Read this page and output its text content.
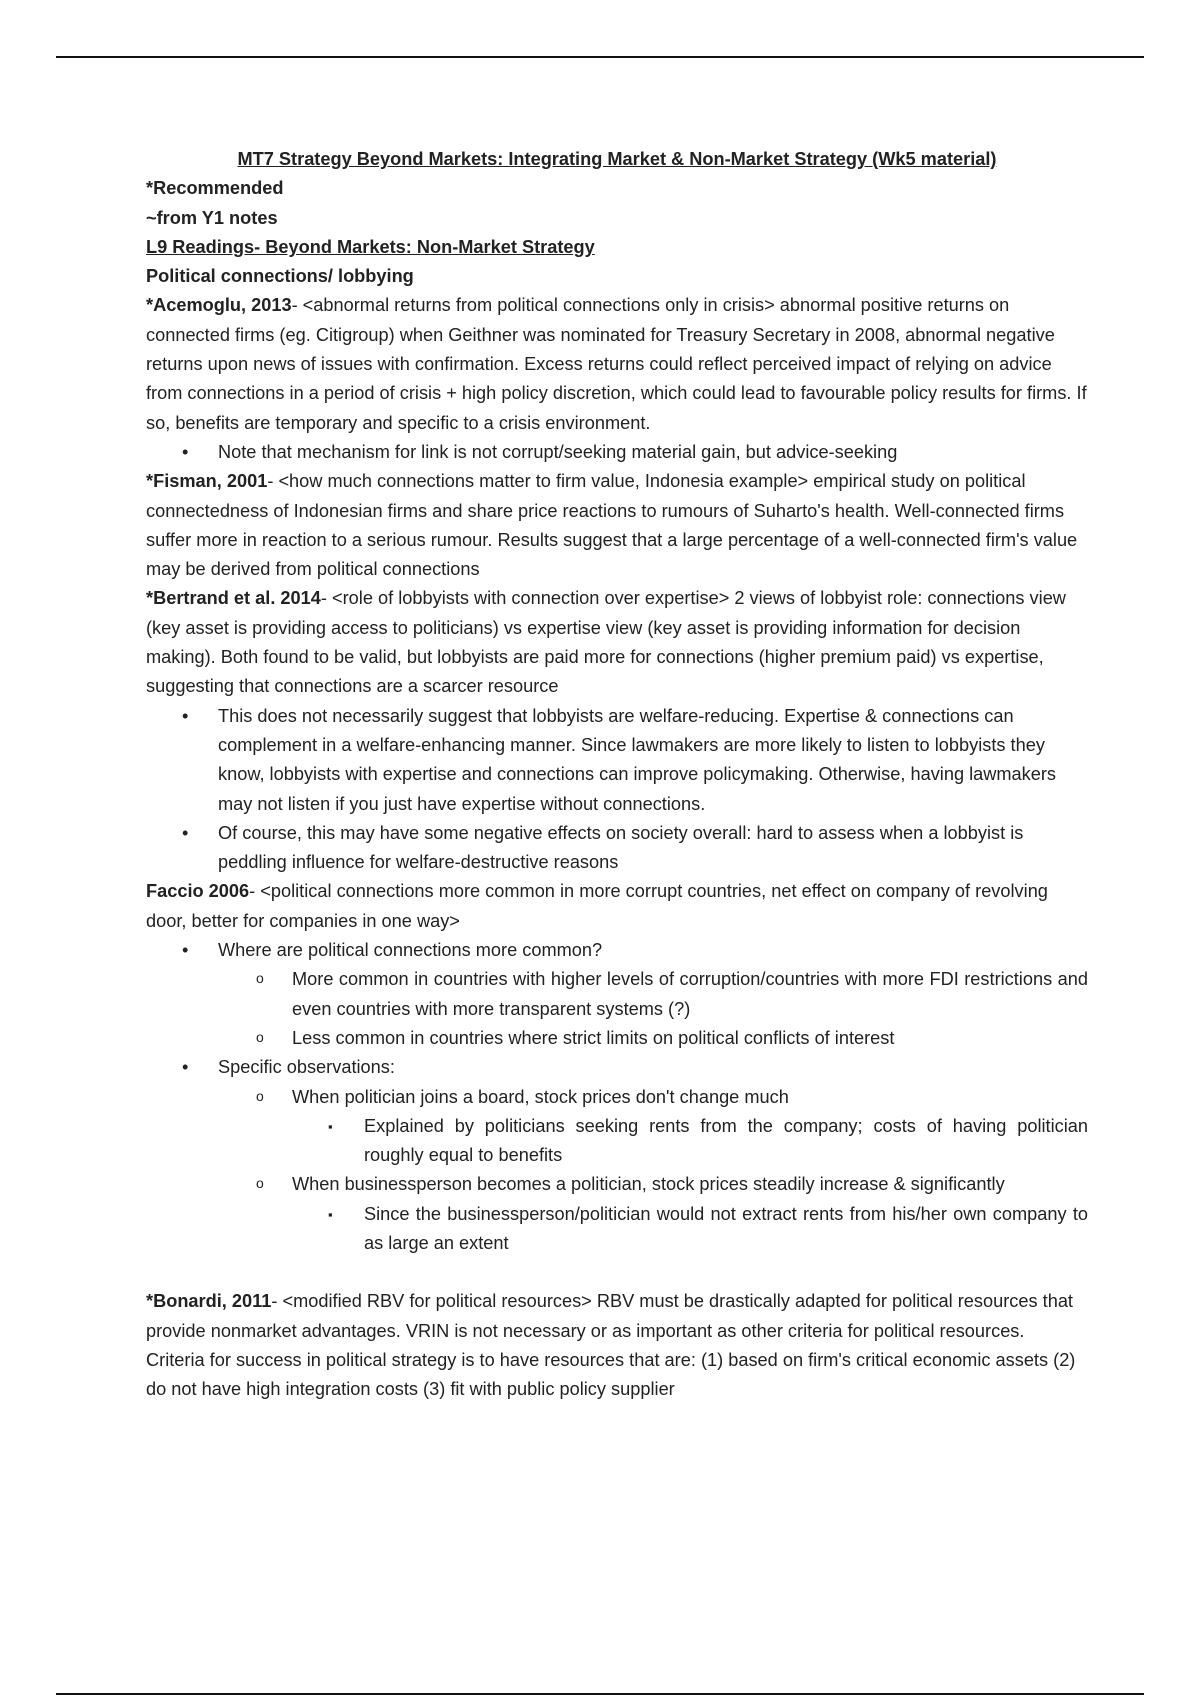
MT7 Strategy Beyond Markets: Integrating Market & Non-Market Strategy (Wk5 material)

*Recommended

~from Y1 notes

L9 Readings- Beyond Markets: Non-Market Strategy

Political connections/ lobbying

*Acemoglu, 2013- <abnormal returns from political connections only in crisis> abnormal positive returns on connected firms (eg. Citigroup) when Geithner was nominated for Treasury Secretary in 2008, abnormal negative returns upon news of issues with confirmation. Excess returns could reflect perceived impact of relying on advice from connections in a period of crisis + high policy discretion, which could lead to favourable policy results for firms. If so, benefits are temporary and specific to a crisis environment.

• Note that mechanism for link is not corrupt/seeking material gain, but advice-seeking

*Fisman, 2001- <how much connections matter to firm value, Indonesia example> empirical study on political connectedness of Indonesian firms and share price reactions to rumours of Suharto's health. Well-connected firms suffer more in reaction to a serious rumour. Results suggest that a large percentage of a well-connected firm's value may be derived from political connections

*Bertrand et al. 2014- <role of lobbyists with connection over expertise> 2 views of lobbyist role: connections view (key asset is providing access to politicians) vs expertise view (key asset is providing information for decision making). Both found to be valid, but lobbyists are paid more for connections (higher premium paid) vs expertise, suggesting that connections are a scarcer resource

• This does not necessarily suggest that lobbyists are welfare-reducing. Expertise & connections can complement in a welfare-enhancing manner. Since lawmakers are more likely to listen to lobbyists they know, lobbyists with expertise and connections can improve policymaking. Otherwise, having lawmakers may not listen if you just have expertise without connections.

• Of course, this may have some negative effects on society overall: hard to assess when a lobbyist is peddling influence for welfare-destructive reasons

Faccio 2006- <political connections more common in more corrupt countries, net effect on company of revolving door, better for companies in one way>

• Where are political connections more common?

o More common in countries with higher levels of corruption/countries with more FDI restrictions and even countries with more transparent systems (?)

o Less common in countries where strict limits on political conflicts of interest

• Specific observations:

o When politician joins a board, stock prices don't change much

▪ Explained by politicians seeking rents from the company; costs of having politician roughly equal to benefits

o When businessperson becomes a politician, stock prices steadily increase & significantly

▪ Since the businessperson/politician would not extract rents from his/her own company to as large an extent

*Bonardi, 2011- <modified RBV for political resources> RBV must be drastically adapted for political resources that provide nonmarket advantages. VRIN is not necessary or as important as other criteria for political resources. Criteria for success in political strategy is to have resources that are: (1) based on firm's critical economic assets (2) do not have high integration costs (3) fit with public policy supplier
